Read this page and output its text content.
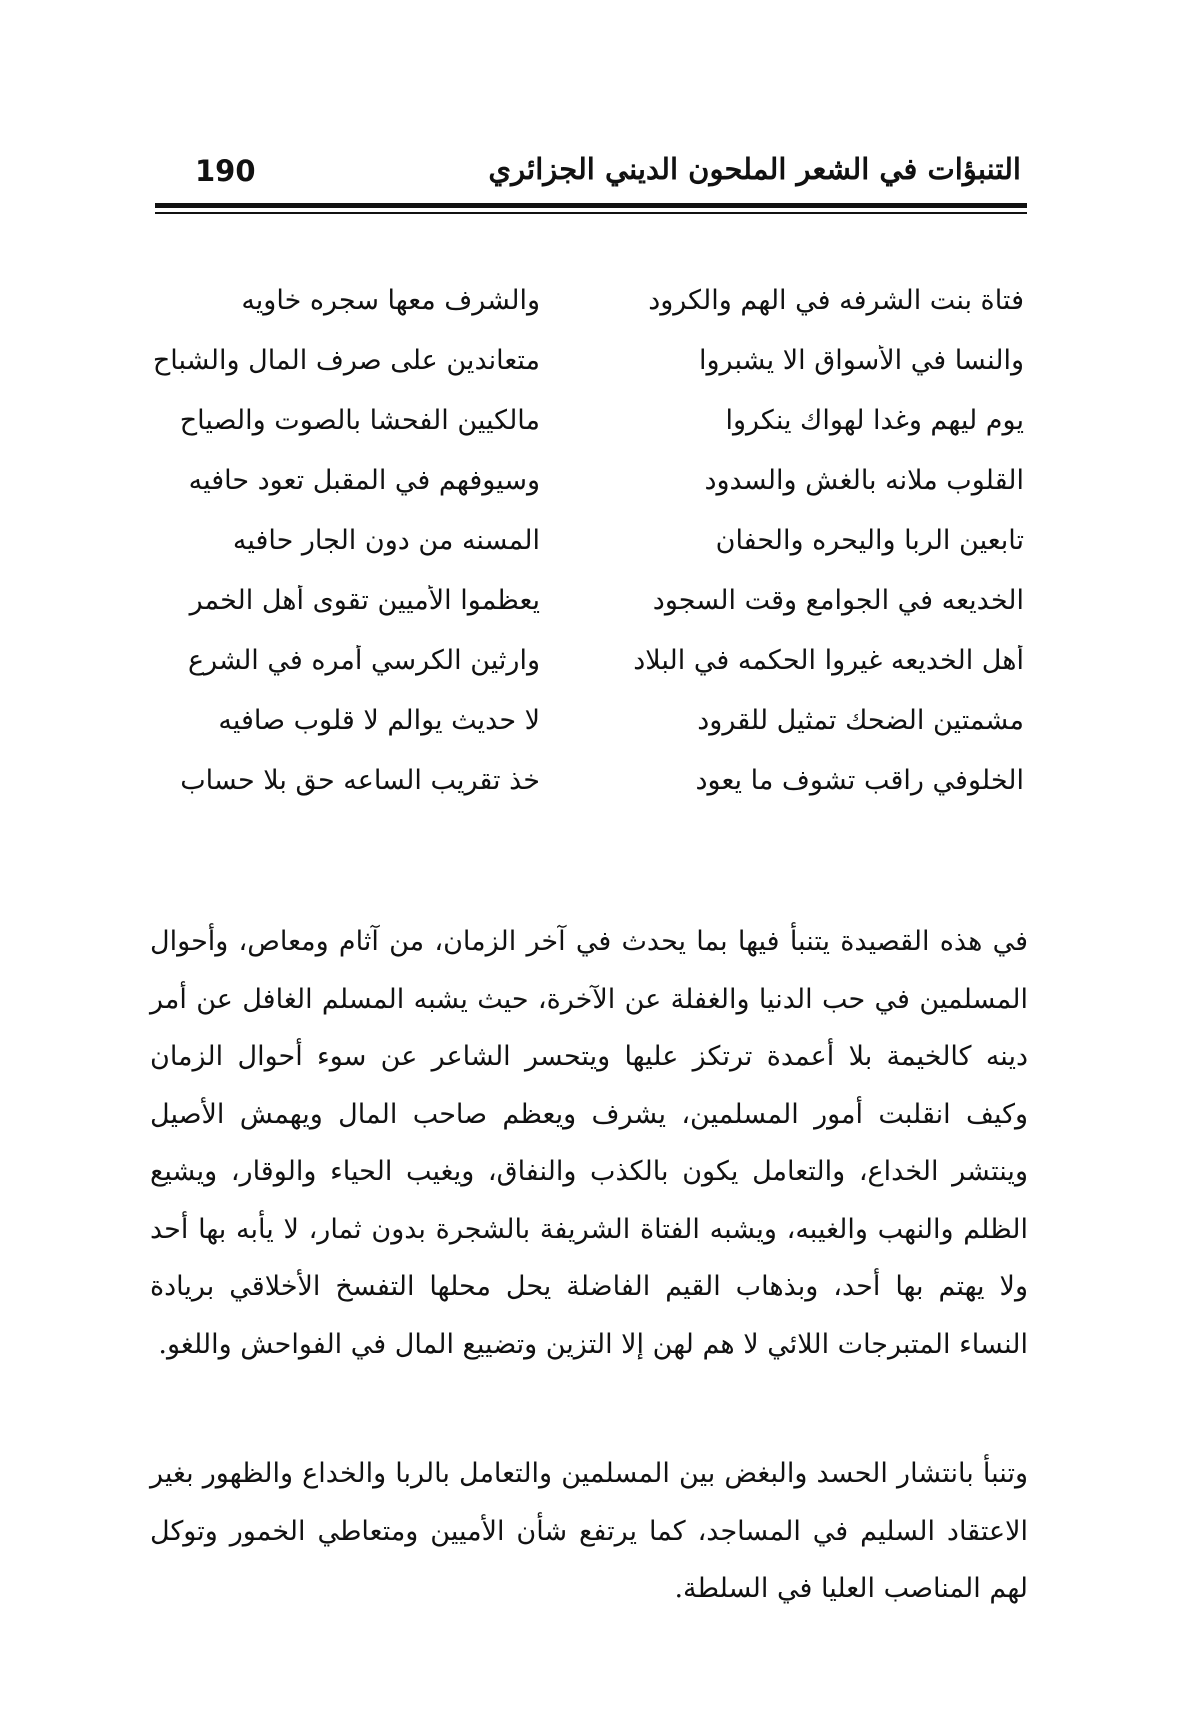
190	التنبؤات في الشعر الملحون الديني الجزائري
فتاة بنت الشرفه في الهم والكرود
والشرف معها سجره خاويه
والنسا في الأسواق الا يشبروا
متعاندين على صرف المال والشباح
يوم ليهم وغدا لهواك ينكروا
مالكيين الفحشا بالصوت والصياح
القلوب ملانه بالغش والسدود
وسيوفهم في المقبل تعود حافيه
تابعين الربا واليحره والحفان
المسنه من دون الجار حافيه
الخديعه في الجوامع وقت السجود
يعظموا الأميين تقوى أهل الخمر
أهل الخديعه غيروا الحكمه في البلاد
وارثين الكرسي أمره في الشرع
مشمتين الضحك تمثيل للقرود
لا حديث يوالم لا قلوب صافيه
الخلوفي راقب تشوف ما يعود
خذ تقريب الساعه حق بلا حساب

في هذه القصيدة يتنبأ فيها بما يحدث في آخر الزمان، من آثام ومعاص، وأحوال المسلمين في حب الدنيا والغفلة عن الآخرة، حيث يشبه المسلم الغافل عن أمر دينه كالخيمة بلا أعمدة ترتكز عليها ويتحسر الشاعر عن سوء أحوال الزمان وكيف انقلبت أمور المسلمين، يشرف ويعظم صاحب المال ويهمش الأصيل وينتشر الخداع، والتعامل يكون بالكذب والنفاق، ويغيب الحياء والوقار، ويشيع الظلم والنهب والغيبه، ويشبه الفتاة الشريفة بالشجرة بدون ثمار، لا يأبه بها أحد ولا يهتم بها أحد، وبذهاب القيم الفاضلة يحل محلها التفسخ الأخلاقي بريادة النساء المتبرجات اللائي لا هم لهن إلا التزين وتضييع المال في الفواحش واللغو.

وتنبأ بانتشار الحسد والبغض بين المسلمين والتعامل بالربا والخداع والظهور بغير الاعتقاد السليم في المساجد، كما يرتفع شأن الأميين ومتعاطي الخمور وتوكل لهم المناصب العليا في السلطة.
